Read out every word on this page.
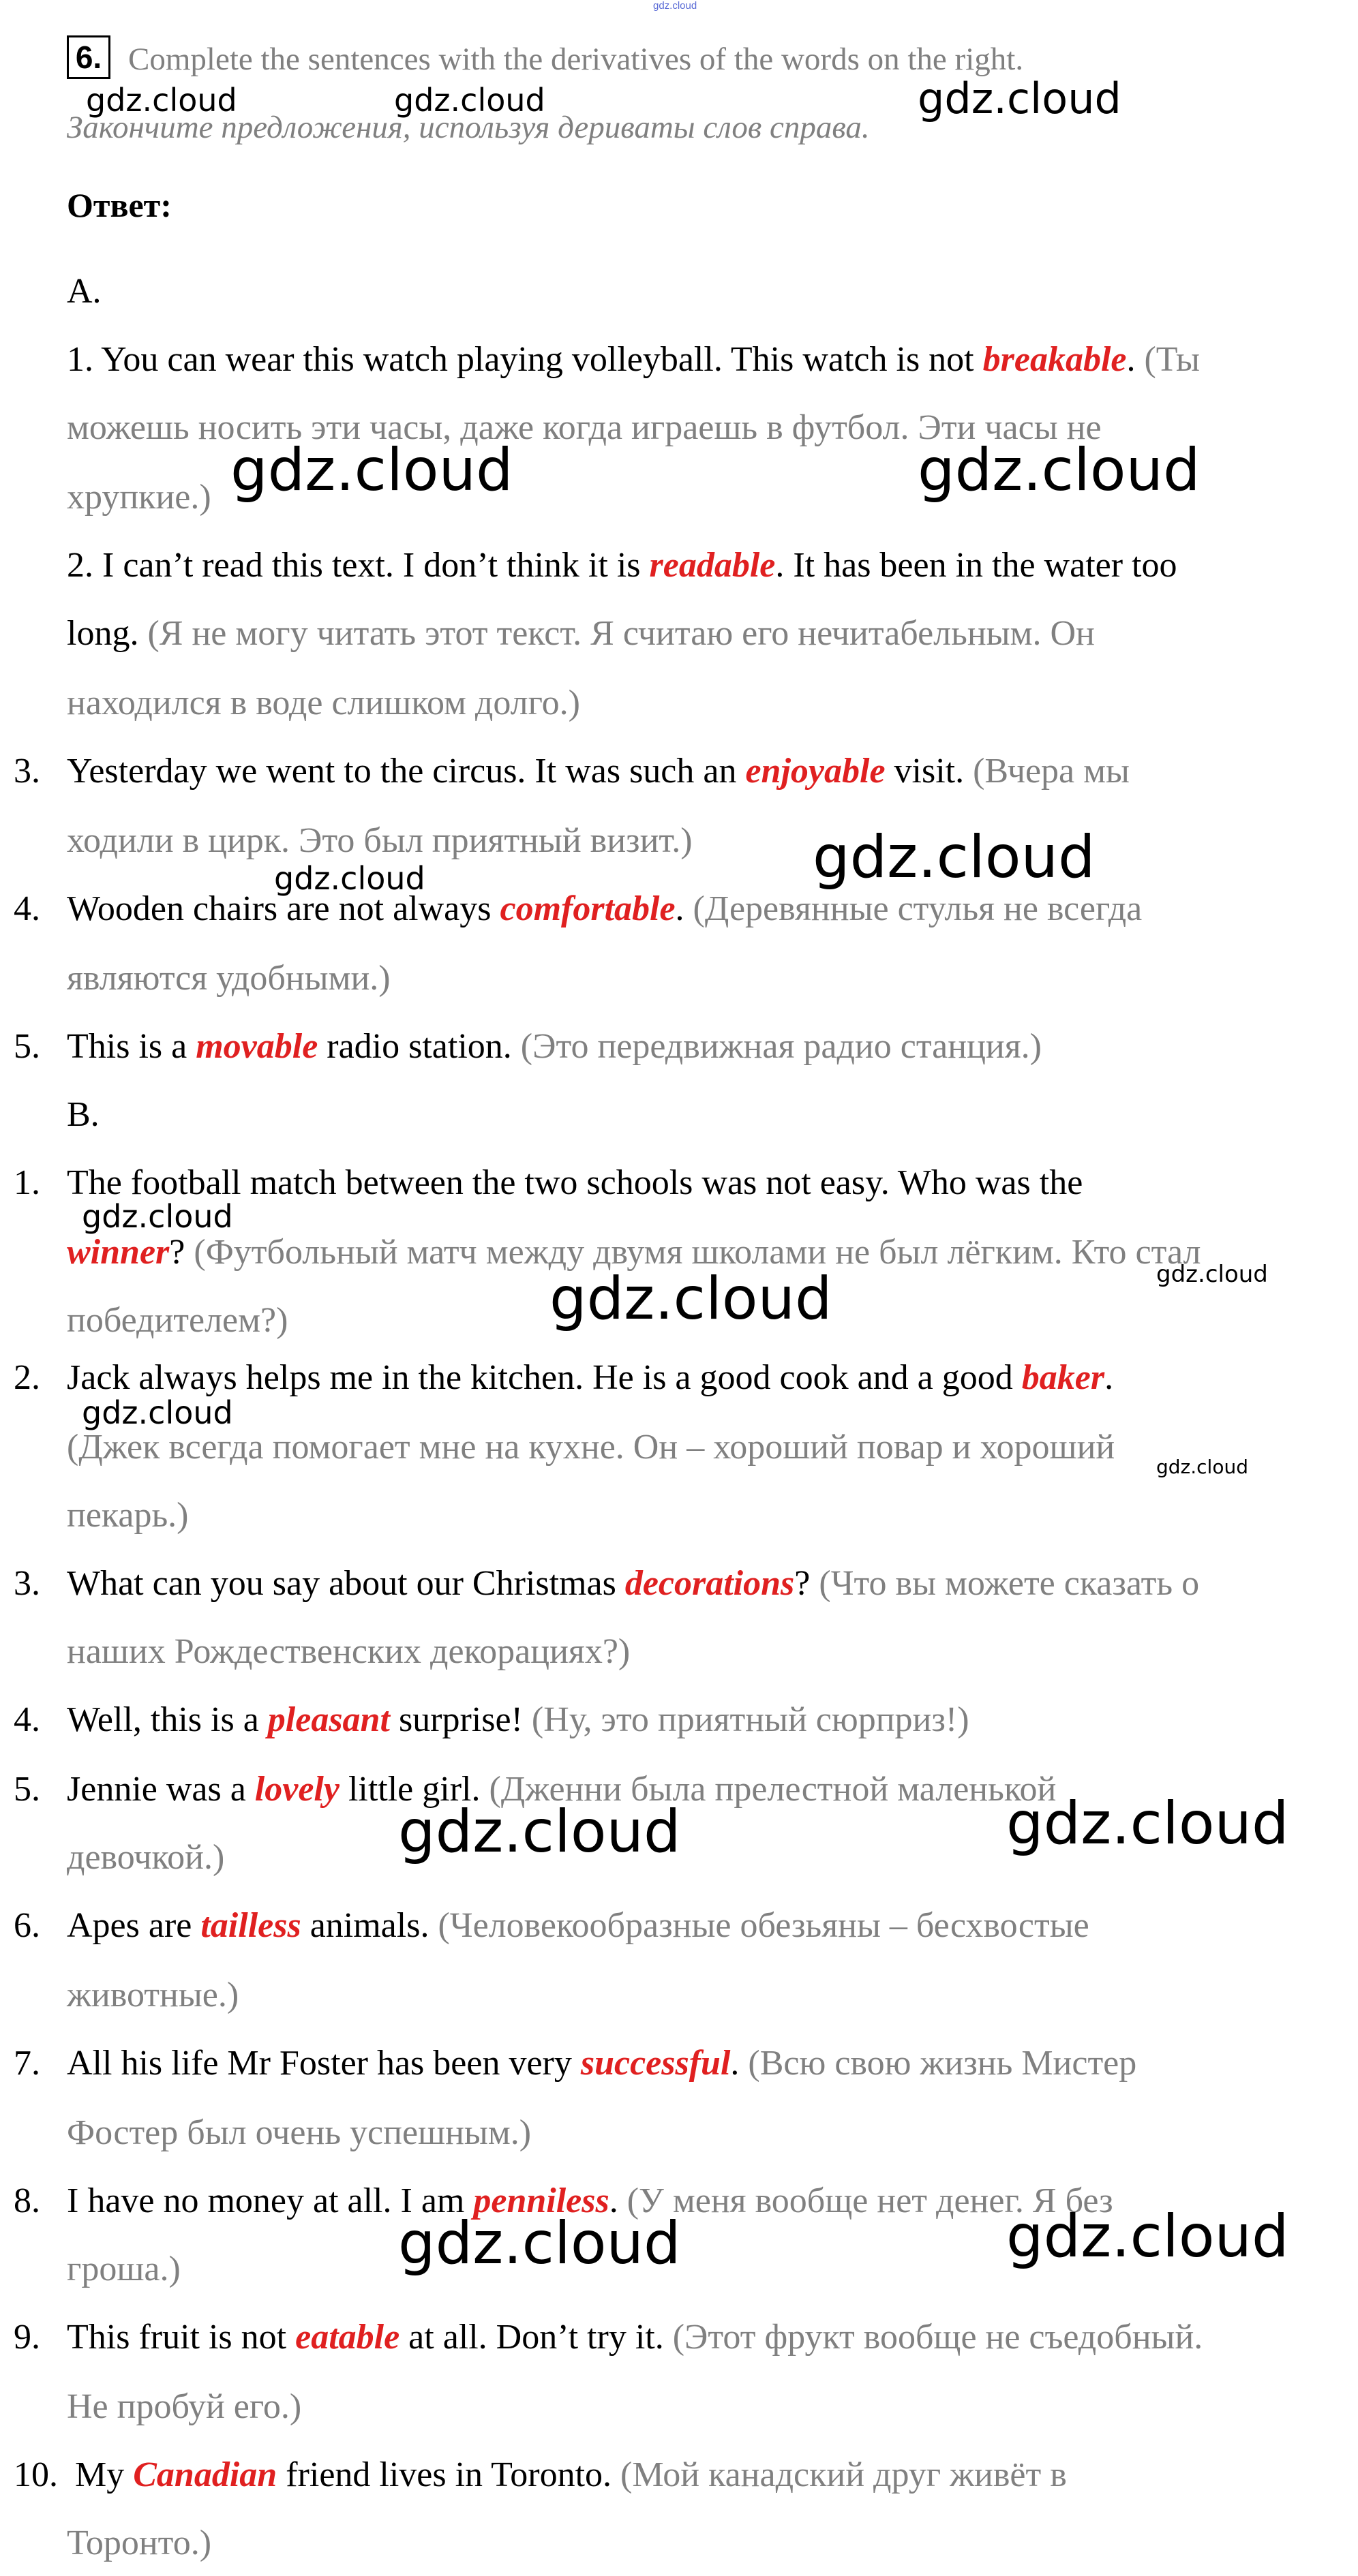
gdz.cloud
6. Complete the sentences with the derivatives of the words on the right.
Закончите предложения, используя дериваты слов справа.
Ответ:
A.
1. You can wear this watch playing volleyball. This watch is not breakable. (Ты
можешь носить эти часы, даже когда играешь в футбол. Эти часы не
хрупкие.)
2. I can’t read this text. I don’t think it is readable. It has been in the water too
long. (Я не могу читать этот текст. Я считаю его нечитабельным. Он
находился в воде слишком долго.)
3. Yesterday we went to the circus. It was such an enjoyable visit. (Вчера мы
ходили в цирк. Это был приятный визит.)
4. Wooden chairs are not always comfortable. (Деревянные стулья не всегда
являются удобными.)
5. This is a movable radio station. (Это передвижная радио станция.)
B.
1. The football match between the two schools was not easy. Who was the
winner? (Футбольный матч между двумя школами не был лёгким. Кто стал
победителем?)
2. Jack always helps me in the kitchen. He is a good cook and a good baker.
(Джек всегда помогает мне на кухне. Он – хороший повар и хороший
пекарь.)
3. What can you say about our Christmas decorations? (Что вы можете сказать о
наших Рождественских декорациях?)
4. Well, this is a pleasant surprise! (Ну, это приятный сюрприз!)
5. Jennie was a lovely little girl. (Дженни была прелестной маленькой
девочкой.)
6. Apes are tailless animals. (Человекообразные обезьяны – бесхвостые
животные.)
7. All his life Mr Foster has been very successful. (Всю свою жизнь Мистер
Фостер был очень успешным.)
8. I have no money at all. I am penniless. (У меня вообще нет денег. Я без
гроша.)
9. This fruit is not eatable at all. Don’t try it. (Этот фрукт вообще не съедобный.
Не пробуй его.)
10. My Canadian friend lives in Toronto. (Мой канадский друг живёт в
Торонто.)
gdz.cloud	gdz.cloud	gdz.cloud
gdz.cloud	gdz.cloud
gdz.cloud	gdz.cloud
gdz.cloud
gdz.cloud
gdz.cloud
gdz.cloud
gdz.cloud
gdz.cloud	gdz.cloud
gdz.cloud	gdz.cloud
